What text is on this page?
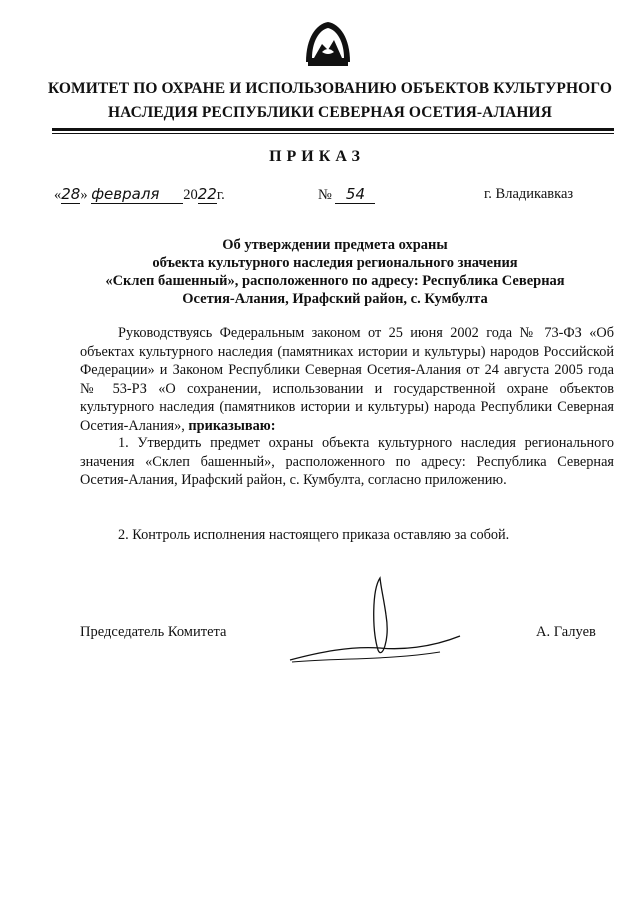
КОМИТЕТ ПО ОХРАНЕ И ИСПОЛЬЗОВАНИЮ ОБЪЕКТОВ КУЛЬТУРНОГО
НАСЛЕДИЯ РЕСПУБЛИКИ СЕВЕРНАЯ ОСЕТИЯ-АЛАНИЯ
ПРИКАЗ
«28» февраля 2022г.	№ 54	г. Владикавказ
Об утверждении предмета охраны
объекта культурного наследия регионального значения
«Склеп башенный», расположенного по адресу: Республика Северная
Осетия-Алания, Ирафский район, с. Кумбулта
Руководствуясь Федеральным законом от 25 июня 2002 года № 73-ФЗ «Об объектах культурного наследия (памятниках истории и культуры) народов Российской Федерации» и Законом Республики Северная Осетия-Алания от 24 августа 2005 года № 53-РЗ «О сохранении, использовании и государственной охране объектов культурного наследия (памятников истории и культуры) народа Республики Северная Осетия-Алания», приказываю:
1. Утвердить предмет охраны объекта культурного наследия регионального значения «Склеп башенный», расположенного по адресу: Республика Северная Осетия-Алания, Ирафский район, с. Кумбулта, согласно приложению.
2. Контроль исполнения настоящего приказа оставляю за собой.
Председатель Комитета	А. Галуев
